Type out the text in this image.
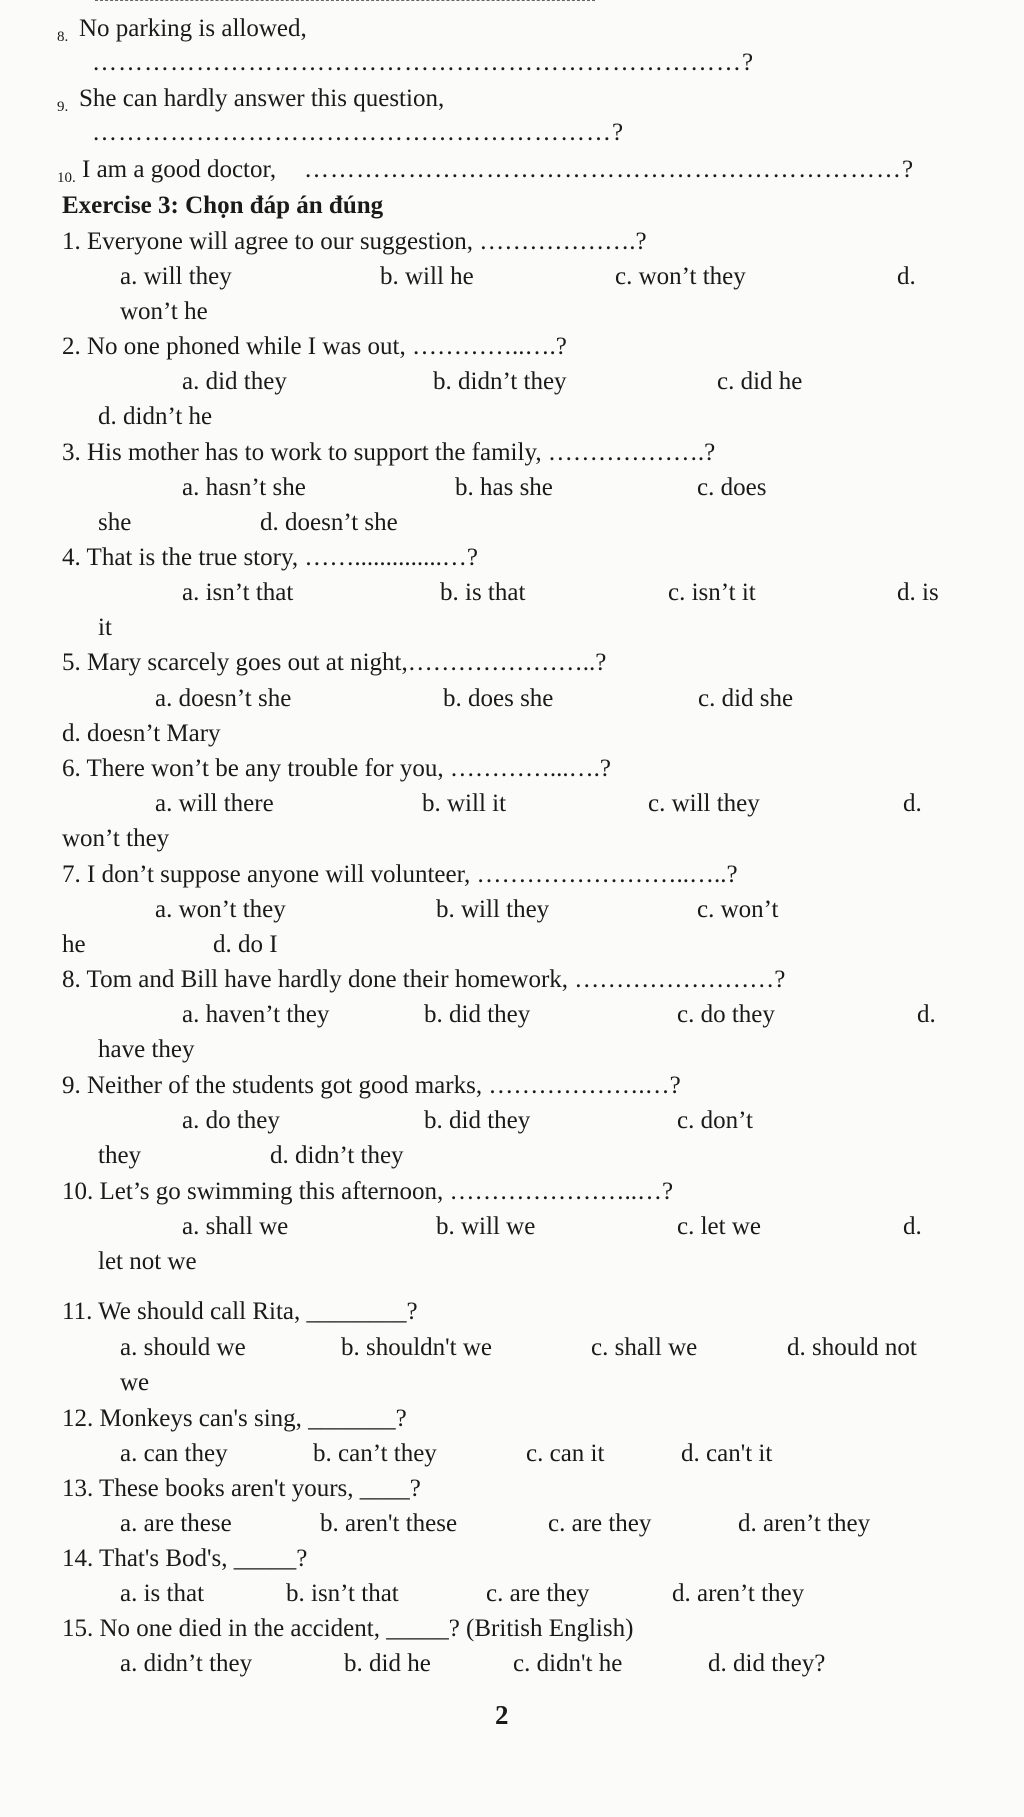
8. No parking is allowed,
…………………………………………………………………?
9. She can hardly answer this question,
……………………………………………………?
10. I am a good doctor, ……………………………………………………………?
Exercise 3: Chọn đáp án đúng
1. Everyone will agree to our suggestion, ……………….?
a. will they	b. will he	c. won’t they	d.
won’t he
2. No one phoned while I was out, …………..….?
a. did they	b. didn’t they	c. did he
d. didn’t he
3. His mother has to work to support the family, ……………….?
a. hasn’t she	b. has she	c. does
she	d. doesn’t she
4. That is the true story, ……..............…?
a. isn’t that	b. is that	c. isn’t it	d. is
it
5. Mary scarcely goes out at night,…………………..?
a. doesn’t she	b. does she	c. did she
d. doesn’t Mary
6. There won’t be any trouble for you, …………...….?
a. will there	b. will it	c. will they	d.
won’t they
7. I don’t suppose anyone will volunteer, ……………………..…..?
a. won’t they	b. will they	c. won’t
he	d. do I
8. Tom and Bill have hardly done their homework, ……………………?
a. haven’t they	b. did they	c. do they	d.
have they
9. Neither of the students got good marks, ……………….…?
a. do they	b. did they	c. don’t
they	d. didn’t they
10. Let’s go swimming this afternoon, …………………..…?
a. shall we	b. will we	c. let we	d.
let not we
11. We should call Rita, ________?
a. should we	b. shouldn't we	c. shall we	d. should not
we
12. Monkeys can's sing, _______?
a. can they	b. can’t they	c. can it	d. can't it
13. These books aren't yours, ____?
a. are these	b. aren't these	c. are they	d. aren’t they
14. That's Bod's, _____?
a. is that	b. isn’t that	c. are they	d. aren’t they
15. No one died in the accident, _____? (British English)
a. didn’t they	b. did he	c. didn't he	d. did they?
2
